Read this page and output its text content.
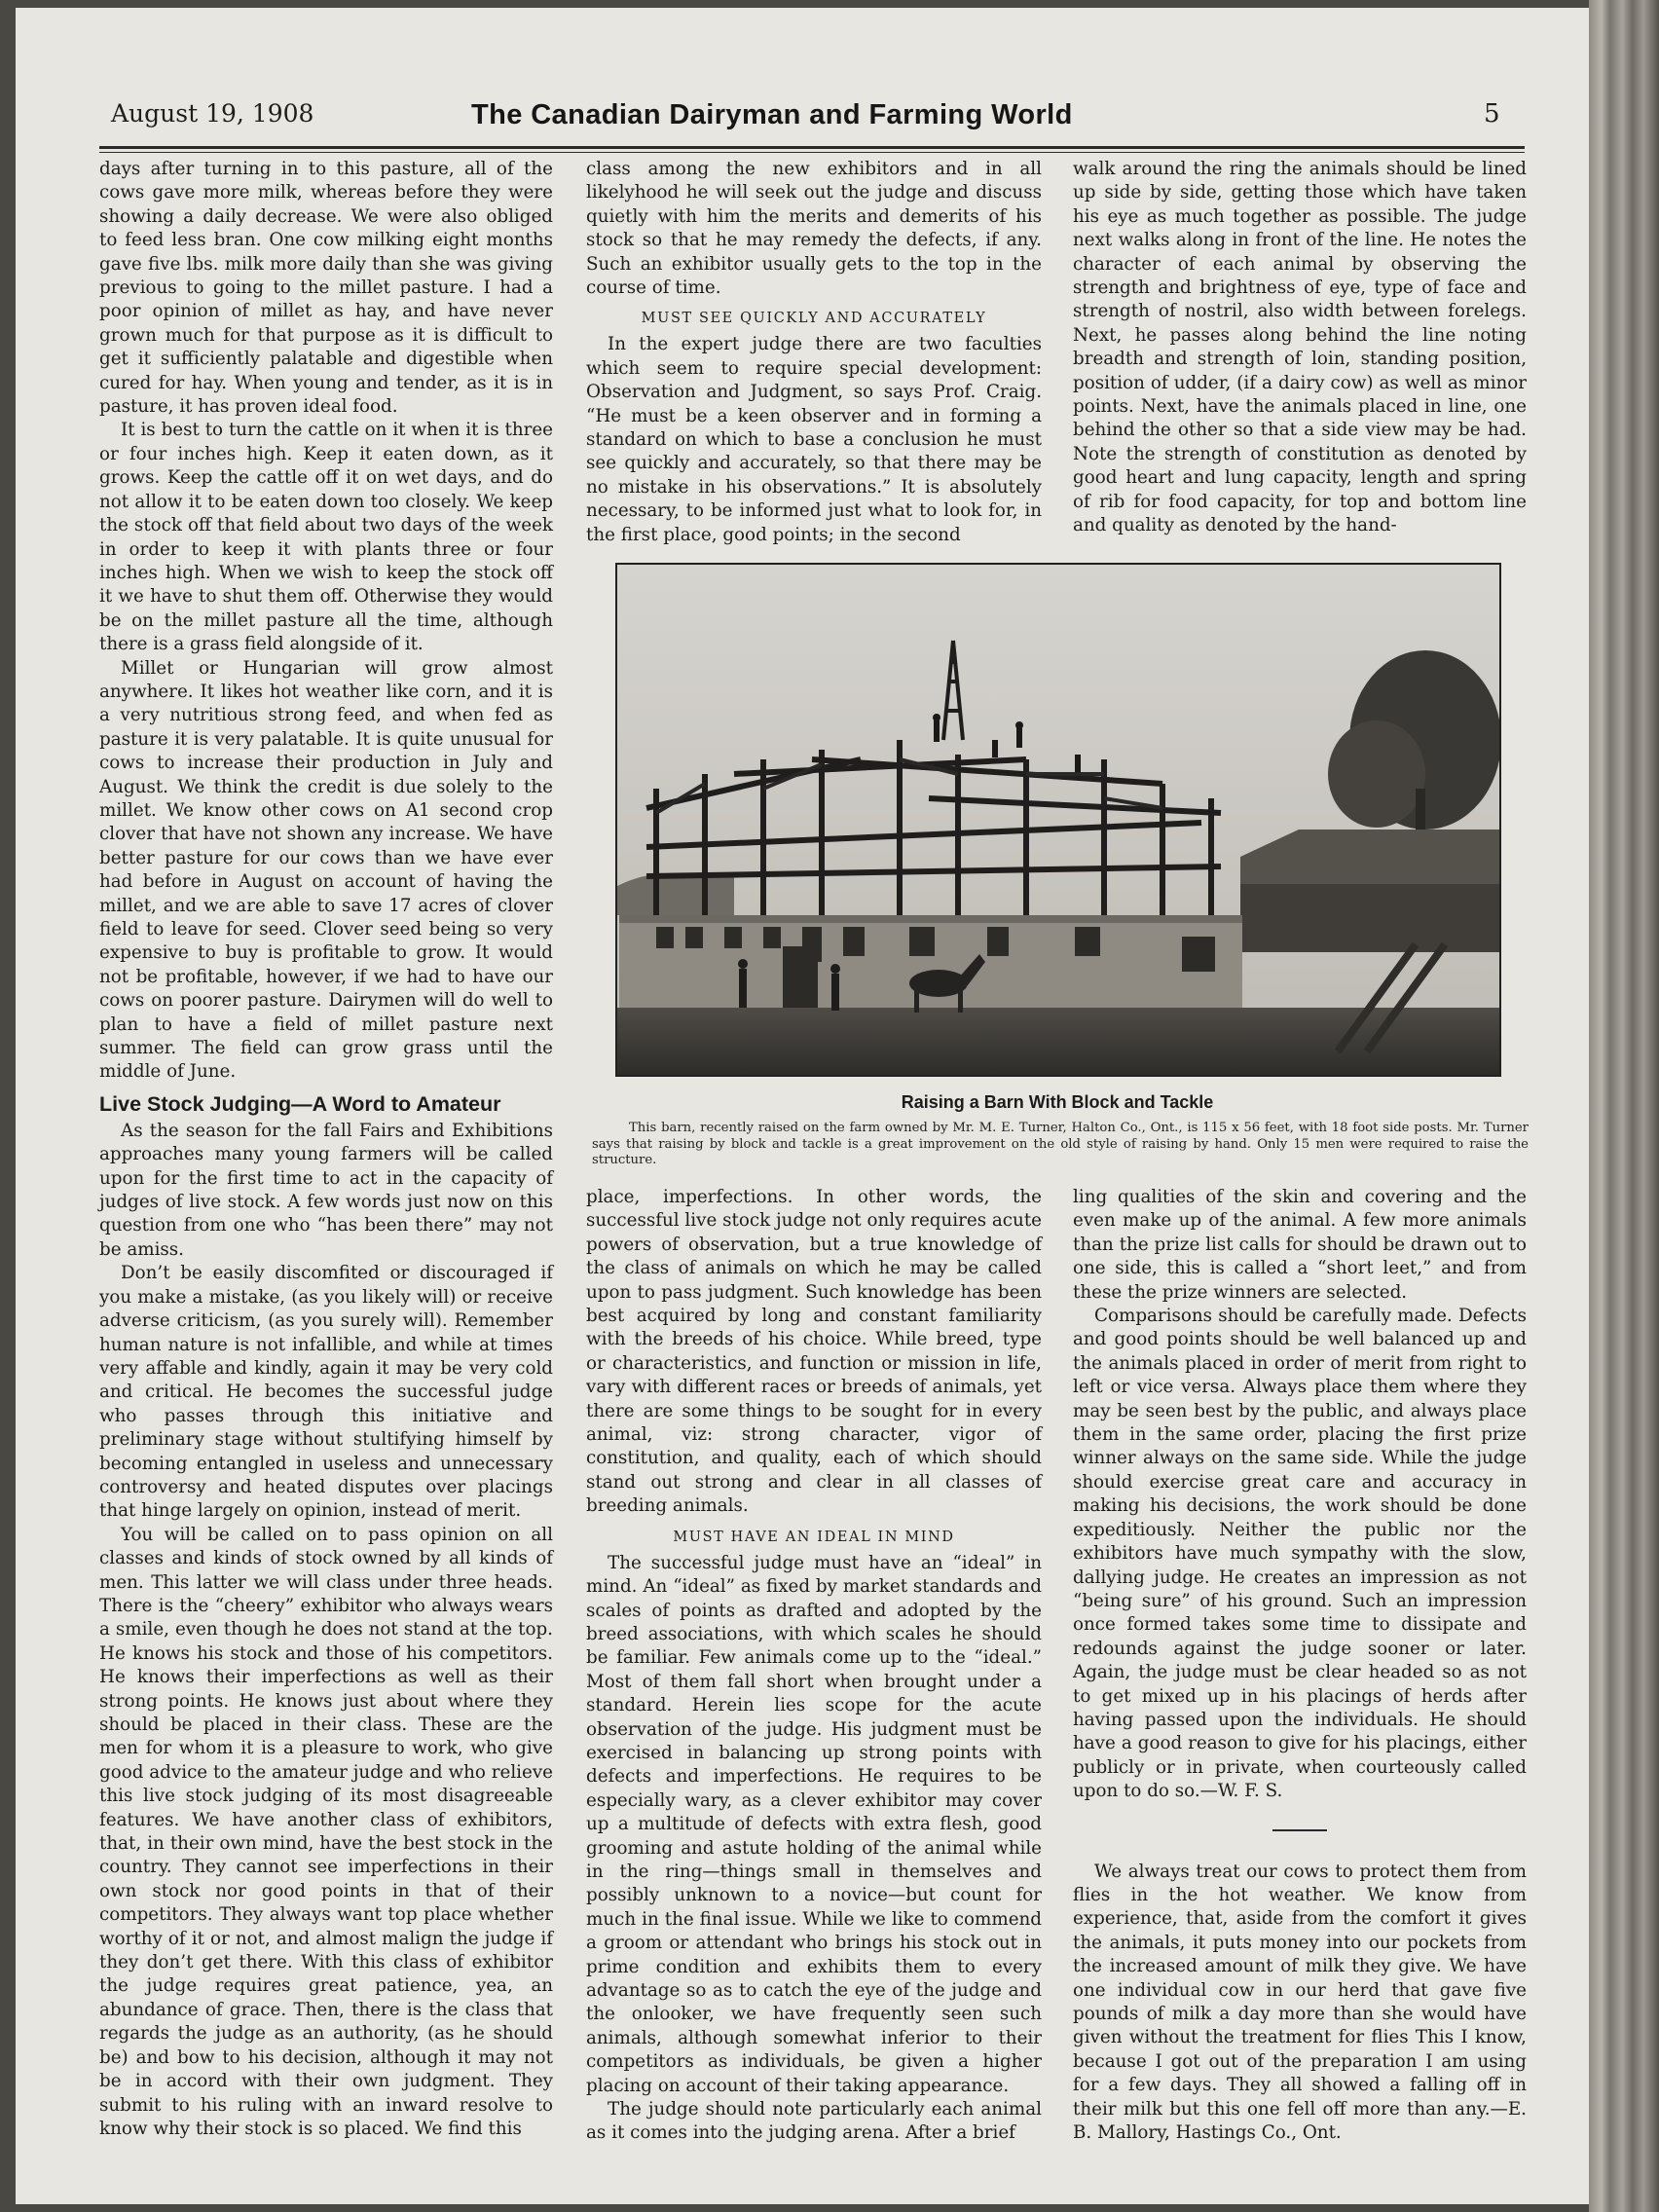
August 19, 1908	The Canadian Dairyman and Farming World	5

days after turning in to this pasture, all of the cows gave more milk, whereas before they were showing a daily decrease. We were also obliged to feed less bran. One cow milking eight months gave five lbs. milk more daily than she was giving previous to going to the millet pasture. I had a poor opinion of millet as hay, and have never grown much for that purpose as it is difficult to get it sufficiently palatable and digestible when cured for hay. When young and tender, as it is in pasture, it has proven ideal food.

It is best to turn the cattle on it when it is three or four inches high. Keep it eaten down, as it grows. Keep the cattle off it on wet days, and do not allow it to be eaten down too closely. We keep the stock off that field about two days of the week in order to keep it with plants three or four inches high. When we wish to keep the stock off it we have to shut them off. Otherwise they would be on the millet pasture all the time, although there is a grass field alongside of it.

Millet or Hungarian will grow almost anywhere. It likes hot weather like corn, and it is a very nutritious strong feed, and when fed as pasture it is very palatable. It is quite unusual for cows to increase their production in July and August. We think the credit is due solely to the millet. We know other cows on A1 second crop clover that have not shown any increase. We have better pasture for our cows than we have ever had before in August on account of having the millet, and we are able to save 17 acres of clover field to leave for seed. Clover seed being so very expensive to buy is profitable to grow. It would not be profitable, however, if we had to have our cows on poorer pasture. Dairymen will do well to plan to have a field of millet pasture next summer. The field can grow grass until the middle of June.

Live Stock Judging—A Word to Amateur

As the season for the fall Fairs and Exhibitions approaches many young farmers will be called upon for the first time to act in the capacity of judges of live stock. A few words just now on this question from one who “has been there” may not be amiss.

Don’t be easily discomfited or discouraged if you make a mistake, (as you likely will) or receive adverse criticism, (as you surely will). Remember human nature is not infallible, and while at times very affable and kindly, again it may be very cold and critical. He becomes the successful judge who passes through this initiative and preliminary stage without stultifying himself by becoming entangled in useless and unnecessary controversy and heated disputes over placings that hinge largely on opinion, instead of merit.

You will be called on to pass opinion on all classes and kinds of stock owned by all kinds of men. This latter we will class under three heads. There is the “cheery” exhibitor who always wears a smile, even though he does not stand at the top. He knows his stock and those of his competitors. He knows their imperfections as well as their strong points. He knows just about where they should be placed in their class. These are the men for whom it is a pleasure to work, who give good advice to the amateur judge and who relieve this live stock judging of its most disagreeable features. We have another class of exhibitors, that, in their own mind, have the best stock in the country. They cannot see imperfections in their own stock nor good points in that of their competitors. They always want top place whether worthy of it or not, and almost malign the judge if they don’t get there. With this class of exhibitor the judge requires great patience, yea, an abundance of grace. Then, there is the class that regards the judge as an authority, (as he should be) and bow to his decision, although it may not be in accord with their own judgment. They submit to his ruling with an inward resolve to know why their stock is so placed. We find this

class among the new exhibitors and in all likelyhood he will seek out the judge and discuss quietly with him the merits and demerits of his stock so that he may remedy the defects, if any. Such an exhibitor usually gets to the top in the course of time.

MUST SEE QUICKLY AND ACCURATELY

In the expert judge there are two faculties which seem to require special development: Observation and Judgment, so says Prof. Craig. “He must be a keen observer and in forming a standard on which to base a conclusion he must see quickly and accurately, so that there may be no mistake in his observations.” It is absolutely necessary, to be informed just what to look for, in the first place, good points; in the second

walk around the ring the animals should be lined up side by side, getting those which have taken his eye as much together as possible. The judge next walks along in front of the line. He notes the character of each animal by observing the strength and brightness of eye, type of face and strength of nostril, also width between forelegs. Next, he passes along behind the line noting breadth and strength of loin, standing position, position of udder, (if a dairy cow) as well as minor points. Next, have the animals placed in line, one behind the other so that a side view may be had. Note the strength of constitution as denoted by good heart and lung capacity, length and spring of rib for food capacity, for top and bottom line and quality as denoted by the hand-

Raising a Barn With Block and Tackle
This barn, recently raised on the farm owned by Mr. M. E. Turner, Halton Co., Ont., is 115 x 56 feet, with 18 foot side posts. Mr. Turner says that raising by block and tackle is a great improvement on the old style of raising by hand. Only 15 men were required to raise the structure.

place, imperfections. In other words, the successful live stock judge not only requires acute powers of observation, but a true knowledge of the class of animals on which he may be called upon to pass judgment. Such knowledge has been best acquired by long and constant familiarity with the breeds of his choice. While breed, type or characteristics, and function or mission in life, vary with different races or breeds of animals, yet there are some things to be sought for in every animal, viz: strong character, vigor of constitution, and quality, each of which should stand out strong and clear in all classes of breeding animals.

MUST HAVE AN IDEAL IN MIND

The successful judge must have an “ideal” in mind. An “ideal” as fixed by market standards and scales of points as drafted and adopted by the breed associations, with which scales he should be familiar. Few animals come up to the “ideal.” Most of them fall short when brought under a standard. Herein lies scope for the acute observation of the judge. His judgment must be exercised in balancing up strong points with defects and imperfections. He requires to be especially wary, as a clever exhibitor may cover up a multitude of defects with extra flesh, good grooming and astute holding of the animal while in the ring—things small in themselves and possibly unknown to a novice—but count for much in the final issue. While we like to commend a groom or attendant who brings his stock out in prime condition and exhibits them to every advantage so as to catch the eye of the judge and the onlooker, we have frequently seen such animals, although somewhat inferior to their competitors as individuals, be given a higher placing on account of their taking appearance.

The judge should note particularly each animal as it comes into the judging arena. After a brief

ling qualities of the skin and covering and the even make up of the animal. A few more animals than the prize list calls for should be drawn out to one side, this is called a “short leet,” and from these the prize winners are selected.

Comparisons should be carefully made. Defects and good points should be well balanced up and the animals placed in order of merit from right to left or vice versa. Always place them where they may be seen best by the public, and always place them in the same order, placing the first prize winner always on the same side. While the judge should exercise great care and accuracy in making his decisions, the work should be done expeditiously. Neither the public nor the exhibitors have much sympathy with the slow, dallying judge. He creates an impression as not “being sure” of his ground. Such an impression once formed takes some time to dissipate and redounds against the judge sooner or later. Again, the judge must be clear headed so as not to get mixed up in his placings of herds after having passed upon the individuals. He should have a good reason to give for his placings, either publicly or in private, when courteously called upon to do so.—W. F. S.

We always treat our cows to protect them from flies in the hot weather. We know from experience, that, aside from the comfort it gives the animals, it puts money into our pockets from the increased amount of milk they give. We have one individual cow in our herd that gave five pounds of milk a day more than she would have given without the treatment for flies This I know, because I got out of the preparation I am using for a few days. They all showed a falling off in their milk but this one fell off more than any.—E. B. Mallory, Hastings Co., Ont.
